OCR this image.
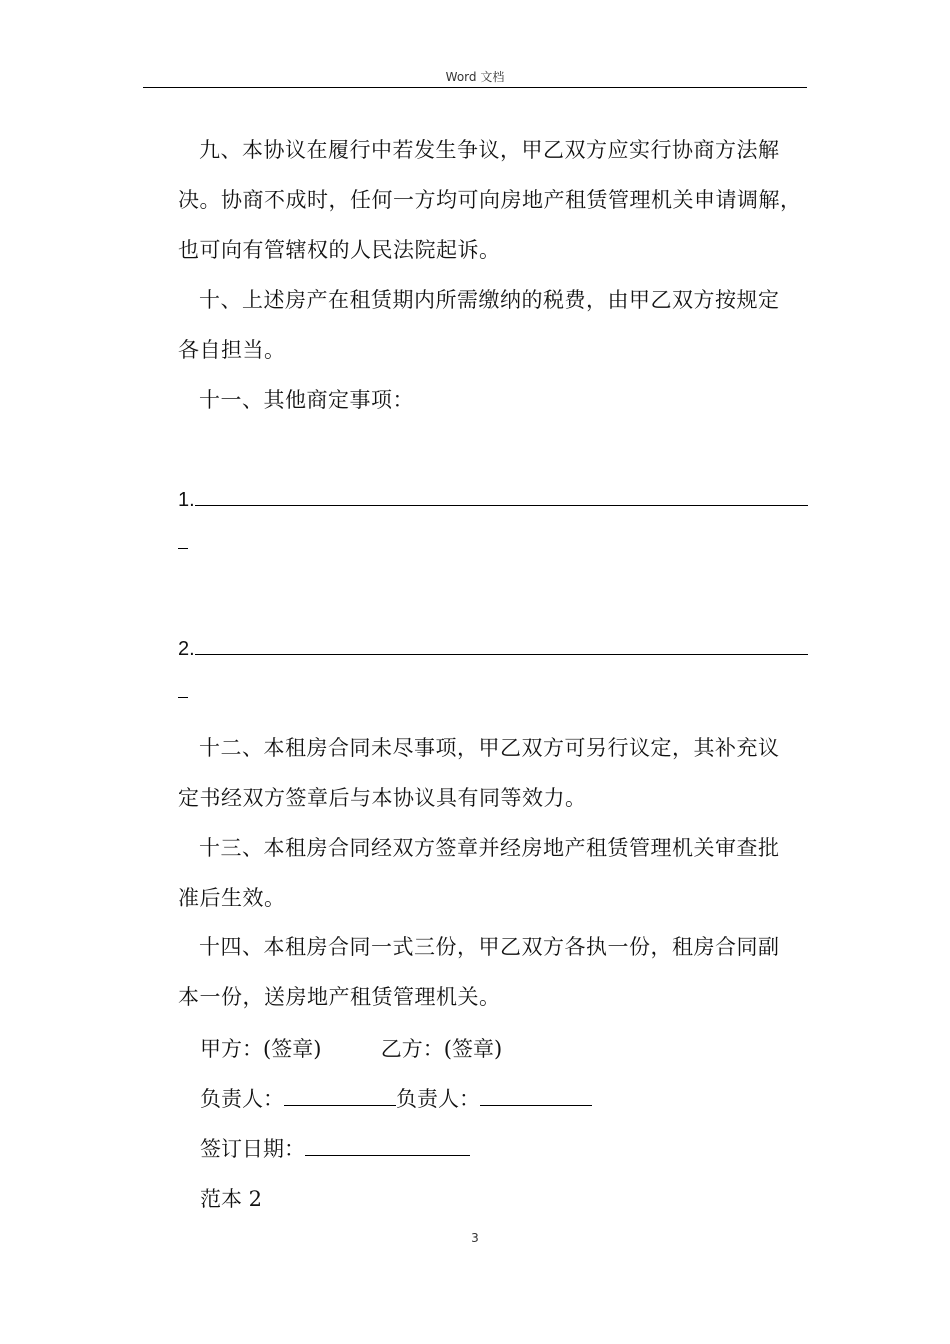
Word 文档

九、本协议在履行中若发生争议，甲乙双方应实行协商方法解

决。协商不成时，任何一方均可向房地产租赁管理机关申请调解，

也可向有管辖权的人民法院起诉。

十、上述房产在租赁期内所需缴纳的税费，由甲乙双方按规定

各自担当。

十一、其他商定事项：

1.
2.

十二、本租房合同未尽事项，甲乙双方可另行议定，其补充议

定书经双方签章后与本协议具有同等效力。

十三、本租房合同经双方签章并经房地产租赁管理机关审查批

准后生效。

十四、本租房合同一式三份，甲乙双方各执一份，租房合同副

本一份，送房地产租赁管理机关。

甲方：(签章)	乙方：(签章)
负责人：	负责人：
签订日期：
范本 2
3
